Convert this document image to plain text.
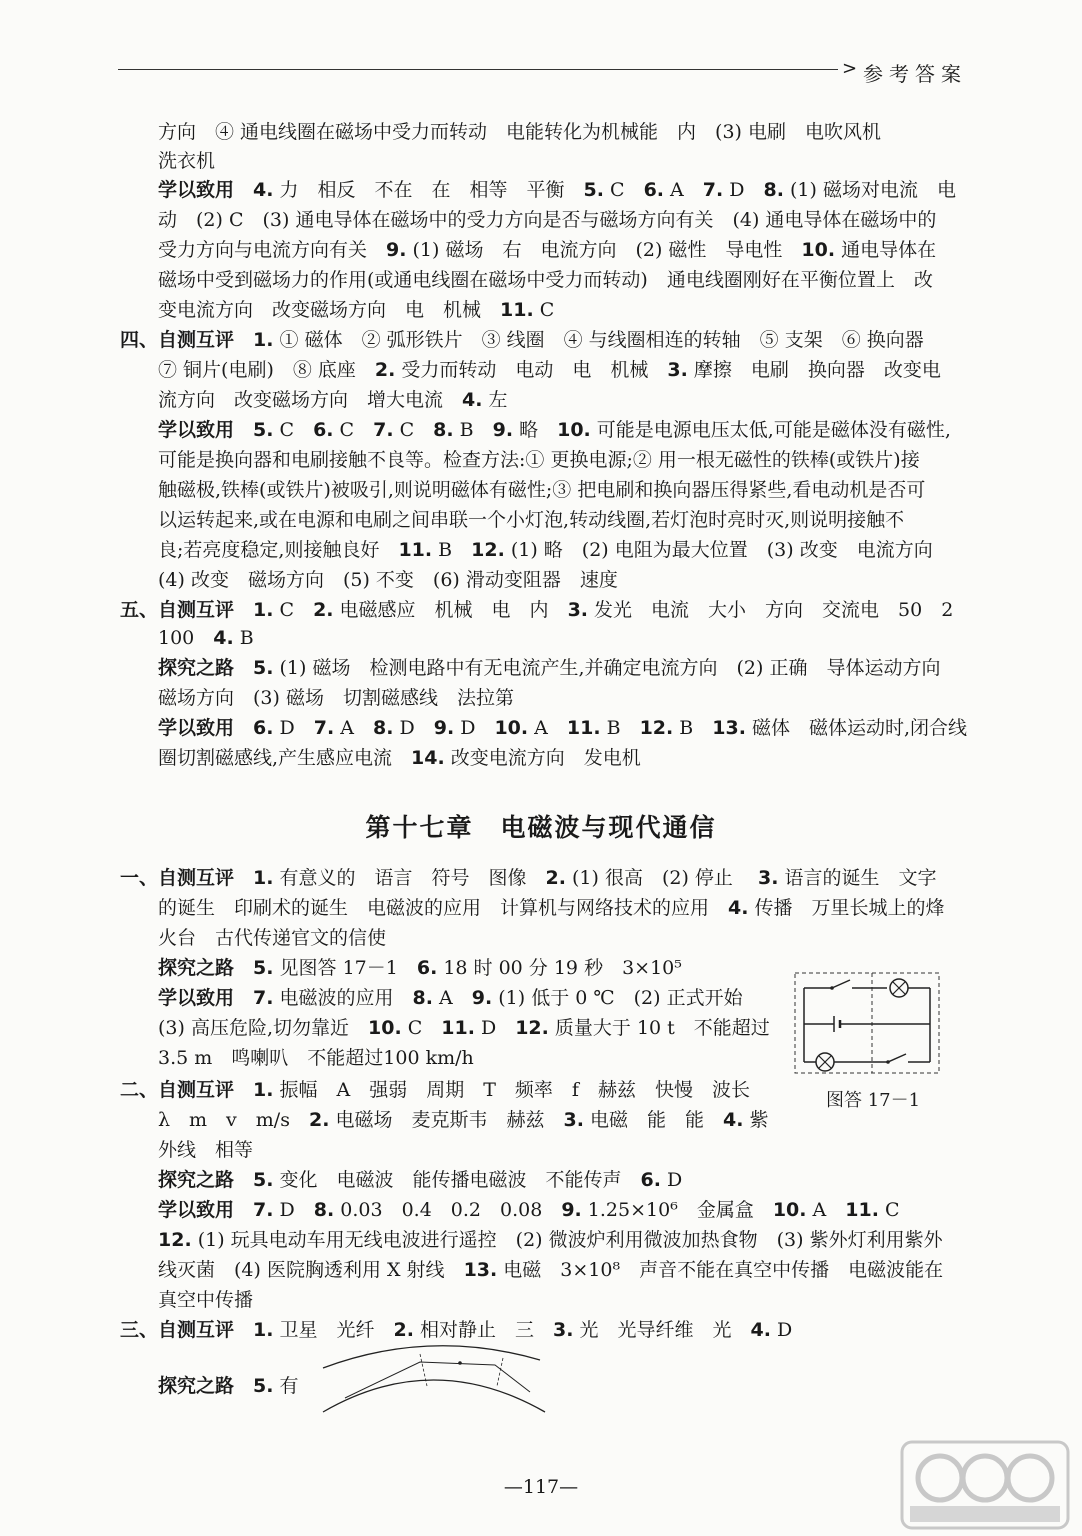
> 参考答案
方向　④ 通电线圈在磁场中受力而转动　电能转化为机械能　内　(3) 电刷　电吹风机
洗衣机
学以致用　 4. 力　相反　不在　在　相等　平衡　5. C　6. A　7. D　8. (1) 磁场对电流　电
动　(2) C　(3) 通电导体在磁场中的受力方向是否与磁场方向有关　(4) 通电导体在磁场中的
受力方向与电流方向有关　9. (1) 磁场　右　电流方向　(2) 磁性　导电性　10. 通电导体在
磁场中受到磁场力的作用(或通电线圈在磁场中受力而转动)　通电线圈刚好在平衡位置上　改
变电流方向　改变磁场方向　电　机械　11. C
四、自测互评　 1. ① 磁体　② 弧形铁片　③ 线圈　④ 与线圈相连的转轴　⑤ 支架　⑥ 换向器
⑦ 铜片(电刷)　⑧ 底座　2. 受力而转动　电动　电　机械　3. 摩擦　电刷　换向器　改变电
流方向　改变磁场方向　增大电流　4. 左
学以致用　 5. C　6. C　7. C　8. B　9. 略　10. 可能是电源电压太低,可能是磁体没有磁性,
可能是换向器和电刷接触不良等。检查方法:① 更换电源;② 用一根无磁性的铁棒(或铁片)接
触磁极,铁棒(或铁片)被吸引,则说明磁体有磁性;③ 把电刷和换向器压得紧些,看电动机是否可
以运转起来,或在电源和电刷之间串联一个小灯泡,转动线圈,若灯泡时亮时灭,则说明接触不
良;若亮度稳定,则接触良好　11. B　12. (1) 略　(2) 电阻为最大位置　(3) 改变　电流方向
(4) 改变　磁场方向　(5) 不变　(6) 滑动变阻器　速度
五、自测互评　 1. C　2. 电磁感应　机械　电　内　3. 发光　电流　大小　方向　交流电　50　2
100　4. B
探究之路　 5. (1) 磁场　检测电路中有无电流产生,并确定电流方向　(2) 正确　导体运动方向
磁场方向　(3) 磁场　切割磁感线　法拉第
学以致用　 6. D　7. A　8. D　9. D　10. A　11. B　12. B　13. 磁体　磁体运动时,闭合线
圈切割磁感线,产生感应电流　14. 改变电流方向　发电机
一、自测互评　 1. 有意义的　语言　符号　图像　2. (1) 很高　(2) 停止　 3. 语言的诞生　文字
的诞生　印刷术的诞生　电磁波的应用　计算机与网络技术的应用　4. 传播　万里长城上的烽
火台　古代传递官文的信使
探究之路　 5. 见图答 17－1　6. 18 时 00 分 19 秒　3×10⁵
学以致用　 7. 电磁波的应用　8. A　9. (1) 低于 0 ℃　(2) 正式开始
(3) 高压危险,切勿靠近　10. C　11. D　12. 质量大于 10 t　不能超过
3.5 m　鸣喇叭　不能超过100 km/h
二、自测互评　 1. 振幅　A　强弱　周期　T　频率　f　赫兹　快慢　波长
λ　m　v　m/s　2. 电磁场　麦克斯韦　赫兹　3. 电磁　能　能　4. 紫
外线　相等
探究之路　 5. 变化　电磁波　能传播电磁波　不能传声　6. D
学以致用　 7. D　8. 0.03　0.4　0.2　0.08　9. 1.25×10⁶　金属盒　10. A　11. C
12. (1) 玩具电动车用无线电波进行遥控　(2) 微波炉利用微波加热食物　(3) 紫外灯利用紫外
线灭菌　(4) 医院胸透利用 X 射线　13. 电磁　3×10⁸　声音不能在真空中传播　电磁波能在
真空中传播
三、自测互评　 1. 卫星　光纤　2. 相对静止　三　3. 光　光导纤维　光　4. D
探究之路　 5. 有
第十七章　电磁波与现代通信
图答 17－1
—117—
